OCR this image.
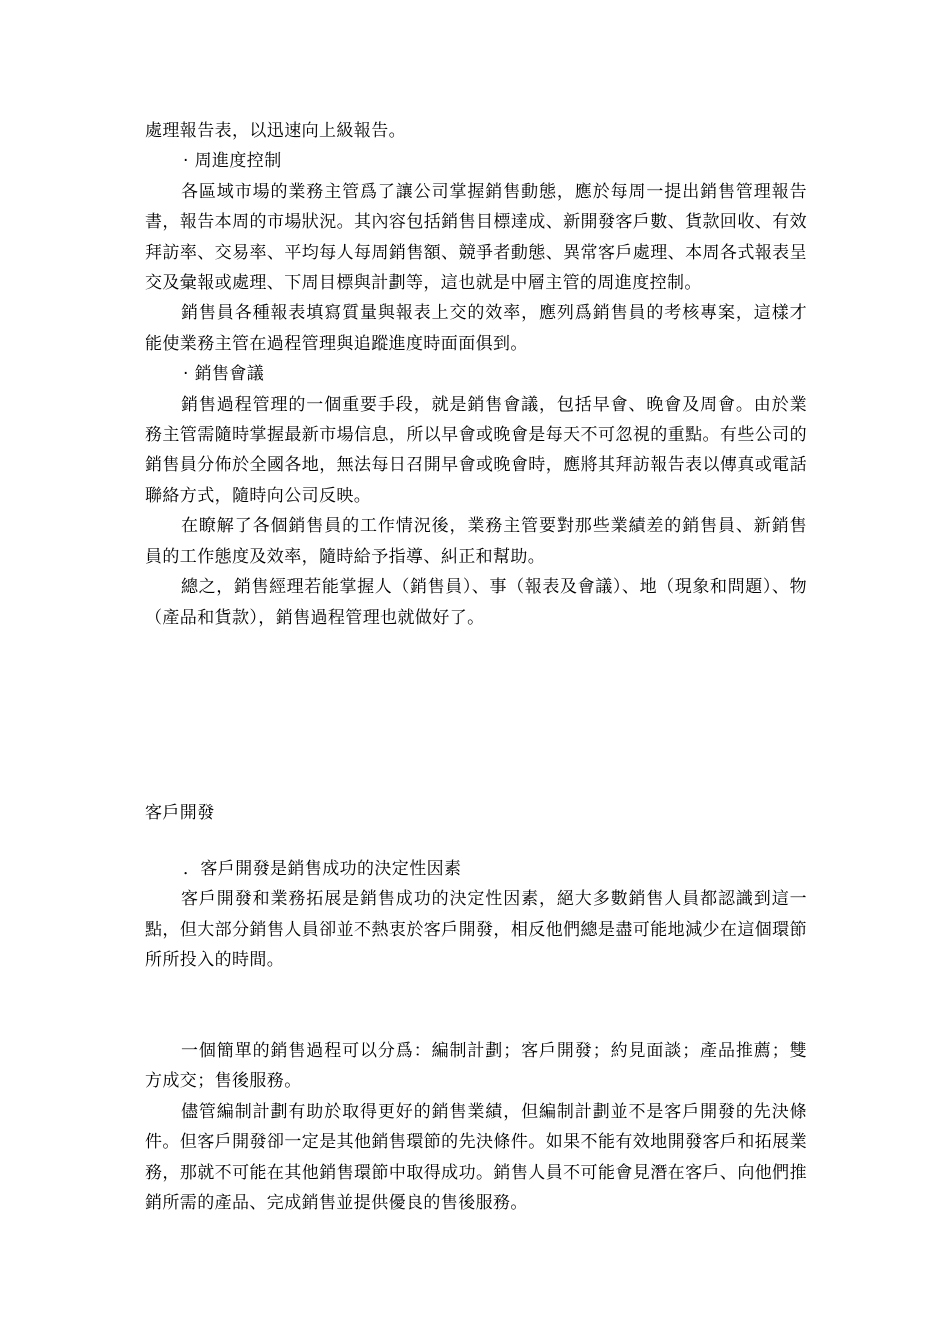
處理報告表，以迅速向上級報告。

· 周進度控制

各區域市場的業務主管爲了讓公司掌握銷售動態，應於每周一提出銷售管理報告書，報告本周的市場狀況。其內容包括銷售目標達成、新開發客戶數、貨款回收、有效拜訪率、交易率、平均每人每周銷售額、競爭者動態、異常客戶處理、本周各式報表呈交及彙報或處理、下周目標與計劃等，這也就是中層主管的周進度控制。

銷售員各種報表填寫質量與報表上交的效率，應列爲銷售員的考核專案，這樣才能使業務主管在過程管理與追蹤進度時面面俱到。

· 銷售會議

銷售過程管理的一個重要手段，就是銷售會議，包括早會、晚會及周會。由於業務主管需隨時掌握最新市場信息，所以早會或晚會是每天不可忽視的重點。有些公司的銷售員分佈於全國各地，無法每日召開早會或晚會時，應將其拜訪報告表以傳真或電話聯絡方式，隨時向公司反映。

在瞭解了各個銷售員的工作情況後，業務主管要對那些業績差的銷售員、新銷售員的工作態度及效率，隨時給予指導、糾正和幫助。

總之，銷售經理若能掌握人（銷售員）、事（報表及會議）、地（現象和問題）、物（產品和貨款），銷售過程管理也就做好了。

客戶開發

．客戶開發是銷售成功的決定性因素

客戶開發和業務拓展是銷售成功的決定性因素，絕大多數銷售人員都認識到這一點，但大部分銷售人員卻並不熱衷於客戶開發，相反他們總是盡可能地減少在這個環節所所投入的時間。

一個簡單的銷售過程可以分爲：編制計劃；客戶開發；約見面談；產品推薦；雙方成交；售後服務。

儘管編制計劃有助於取得更好的銷售業績，但編制計劃並不是客戶開發的先決條件。但客戶開發卻一定是其他銷售環節的先決條件。如果不能有效地開發客戶和拓展業務，那就不可能在其他銷售環節中取得成功。銷售人員不可能會見潛在客戶、向他們推銷所需的產品、完成銷售並提供優良的售後服務。
